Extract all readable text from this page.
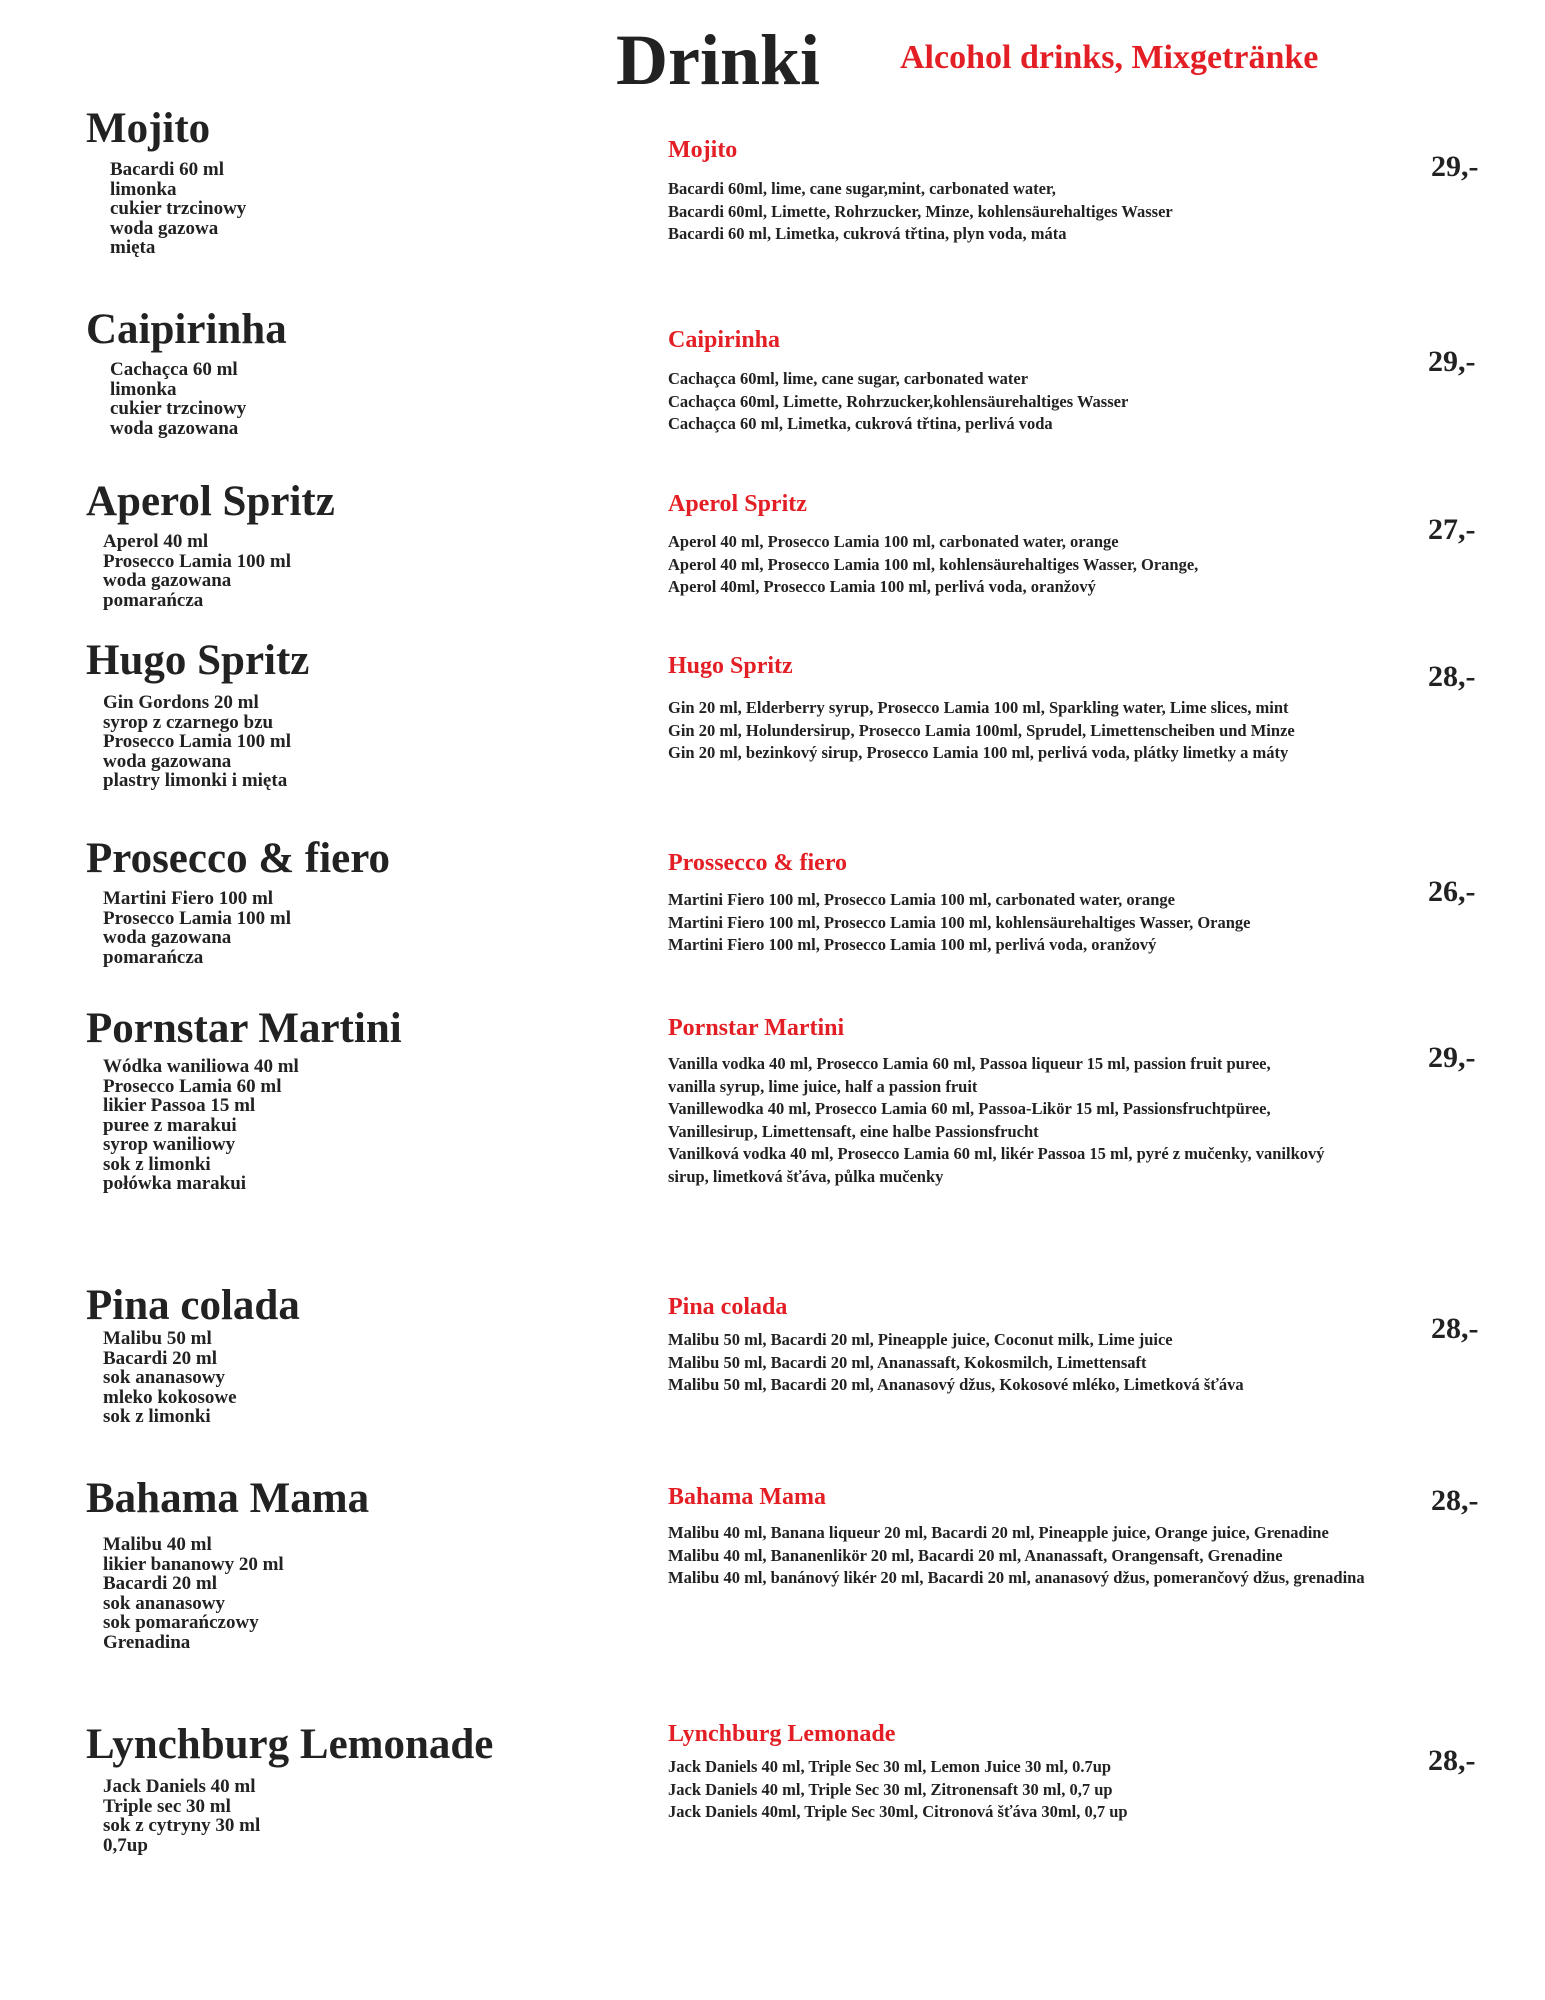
Drinki Alcohol drinks, Mixgetränke
Mojito
Bacardi 60 ml
limonka
cukier trzcinowy
woda gazowa
mięta
Mojito
Bacardi 60ml, lime, cane sugar,mint, carbonated water,
Bacardi 60ml, Limette, Rohrzucker, Minze, kohlensäurehaltiges Wasser
Bacardi 60 ml, Limetka, cukrová třtina, plyn voda, máta
29,-
Caipirinha
Cachaçca 60 ml
limonka
cukier trzcinowy
woda gazowana
Caipirinha
Cachaçca 60ml, lime, cane sugar, carbonated water
Cachaçca 60ml, Limette, Rohrzucker,kohlensäurehaltiges Wasser
Cachaçca 60 ml, Limetka, cukrová třtina, perlivá voda
29,-
Aperol Spritz
Aperol 40 ml
Prosecco Lamia 100 ml
woda gazowana
pomarańcza
Aperol Spritz
Aperol 40 ml, Prosecco Lamia 100 ml, carbonated water, orange
Aperol 40 ml, Prosecco Lamia 100 ml, kohlensäurehaltiges Wasser, Orange,
Aperol 40ml, Prosecco Lamia 100 ml, perlivá voda, oranžový
27,-
Hugo Spritz
Gin Gordons 20 ml
syrop z czarnego bzu
Prosecco Lamia 100 ml
woda gazowana
plastry limonki i mięta
Hugo Spritz
Gin 20 ml, Elderberry syrup, Prosecco Lamia 100 ml, Sparkling water, Lime slices, mint
Gin 20 ml, Holundersirup, Prosecco Lamia 100ml, Sprudel, Limettenscheiben und Minze
Gin 20 ml, bezinkový sirup, Prosecco Lamia 100 ml, perlivá voda, plátky limetky a máty
28,-
Prosecco & fiero
Martini Fiero 100 ml
Prosecco Lamia 100 ml
woda gazowana
pomarańcza
Prossecco & fiero
Martini Fiero 100 ml, Prosecco Lamia 100 ml, carbonated water, orange
Martini Fiero 100 ml, Prosecco Lamia 100 ml, kohlensäurehaltiges Wasser, Orange
Martini Fiero 100 ml, Prosecco Lamia 100 ml, perlivá voda, oranžový
26,-
Pornstar Martini
Wódka waniliowa 40 ml
Prosecco Lamia 60 ml
likier Passoa 15 ml
puree z marakui
syrop waniliowy
sok z limonki
połówka marakui
Pornstar Martini
Vanilla vodka 40 ml, Prosecco Lamia 60 ml, Passoa liqueur 15 ml, passion fruit puree,
vanilla syrup, lime juice, half a passion fruit
Vanillewodka 40 ml, Prosecco Lamia 60 ml, Passoa-Likör 15 ml, Passionsfruchtpüree,
Vanillesirup, Limettensaft, eine halbe Passionsfrucht
Vanilková vodka 40 ml, Prosecco Lamia 60 ml, likér Passoa 15 ml, pyré z mučenky, vanilkový
sirup, limetková šťáva, půlka mučenky
29,-
Pina colada
Malibu 50 ml
Bacardi 20 ml
sok ananasowy
mleko kokosowe
sok z limonki
Pina colada
Malibu 50 ml, Bacardi 20 ml, Pineapple juice, Coconut milk, Lime juice
Malibu 50 ml, Bacardi 20 ml, Ananassaft, Kokosmilch, Limettensaft
Malibu 50 ml, Bacardi 20 ml, Ananasový džus, Kokosové mléko, Limetková šťáva
28,-
Bahama Mama
Malibu 40 ml
likier bananowy 20 ml
Bacardi 20 ml
sok ananasowy
sok pomarańczowy
Grenadina
Bahama Mama
Malibu 40 ml, Banana liqueur 20 ml, Bacardi 20 ml, Pineapple juice, Orange juice, Grenadine
Malibu 40 ml, Bananenlikör 20 ml, Bacardi 20 ml, Ananassaft, Orangensaft, Grenadine
Malibu 40 ml, banánový likér 20 ml, Bacardi 20 ml, ananasový džus, pomerančový džus, grenadina
28,-
Lynchburg Lemonade
Jack Daniels 40 ml
Triple sec 30 ml
sok z cytryny 30 ml
0,7up
Lynchburg Lemonade
Jack Daniels 40 ml, Triple Sec 30 ml, Lemon Juice 30 ml, 0.7up
Jack Daniels 40 ml, Triple Sec 30 ml, Zitronensaft 30 ml, 0,7 up
Jack Daniels 40ml, Triple Sec 30ml, Citronová šťáva 30ml, 0,7 up
28,-
